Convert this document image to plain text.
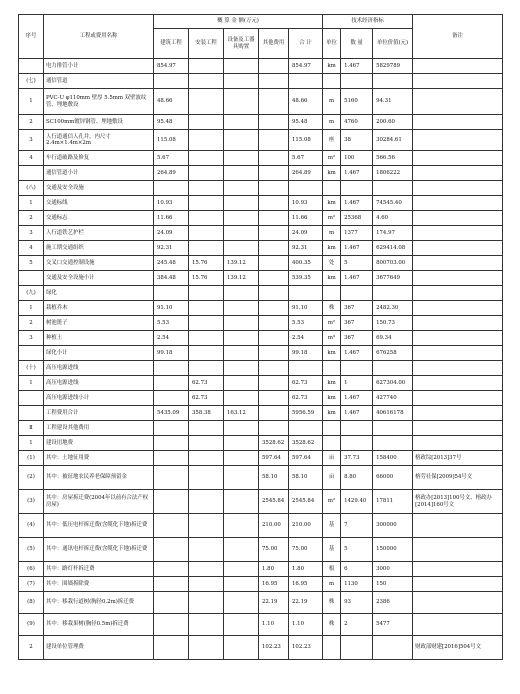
序号	工程或费用名称	概 算 金 额(万元)					技术经济指标			备注
		建筑工程	安装工程	设备及工器具购置	其他费用	合 计	单位	数 量	单位价值(元)	
	电力排管小计	854.97				854.97	km	1.467	5829789	
(七)	通信管道									
1	PVC-U φ110mm 壁厚 5.5mm 双壁波纹管、埋地敷设	48.66				48.66	m	5160	94.31	
2	SC100mm镀锌钢管、埋地敷设	95.48				95.48	m	4760	200.60	
3	人行道通信人孔井，内尺寸2.4m×1.4m×2m	115.08				115.08	座	38	30284.61	
4	车行道破路及修复	5.67				5.67	m²	100	566.56	
	通信管道小计	264.89				264.89	km	1.467	1806222	
(八)	交通及安全设施									
1	交通标线	10.93				10.93	km	1.467	74545.40	
2	交通标志	11.66				11.66	m²	25368	4.60	
3	人行道铁艺护栏	24.09				24.09	m	1377	174.97	
4	施工期交通组织	92.31				92.31	km	1.467	629414.08	
5	交叉口交通控制设施	245.48	15.76	139.12		400.35	处	5	800703.00	
	交通及安全设施小计	384.48	15.76	139.12		539.35	km	1.467	3677649	
(九)	绿化									
1	栽植乔木	91.10				91.10	株	367	2482.30	
2	树池篦子	5.53				5.53	m²	367	150.73	
3	种植土	2.54				2.54	m³	367	69.34	
	绿化小计	99.18				99.18	km	1.467	676258	
(十)	高压电源进线									
1	高压电源进线		62.73			62.73	km	1	627304.00	
	高压电源进线小计		62.73			62.73	km	1.467	427740	
	工程费用合计	5435.09	358.38	163.12		5956.59	km	1.467	40616178	
Ⅱ	工程建设其他费用									
1	建设用地费				3528.62	3528.62				
(1)	其中：土地征用费				597.64	597.64	亩	37.73	158400	榕政综[2013]37号
(2)	其中：被征地农民养老保障预留金				58.10	58.10	亩	8.80	66000	榕劳社保[2009]54号文
(3)	其中：房屋拆迁费(2004年以前有合法产权房屋)				2545.84	2545.84	m²	1429.40	17811	榕政办[2013]100号文、榕政办[2014]160号文
(4)	其中：低压电杆拆迁费(含缆化下地)拆迁费				210.00	210.00	基	7	300000	
(5)	其中：通讯电杆拆迁费(含缆化下地)拆迁费				75.00	75.00	基	5	150000	
(6)	其中：路灯杆拆迁费				1.80	1.80	根	6	3000	
(7)	其中：围墙拆除费				16.95	16.95	m	1130	150	
(8)	其中：移栽行道树(胸径0.2m)拆迁费				22.19	22.19	株	93	2386	
(9)	其中：移栽果树(胸径0.5m)拆迁费				1.10	1.10	株	2	5477	
2	建设单位管理费				102.23	102.23				财政部财建[2016]504号文
